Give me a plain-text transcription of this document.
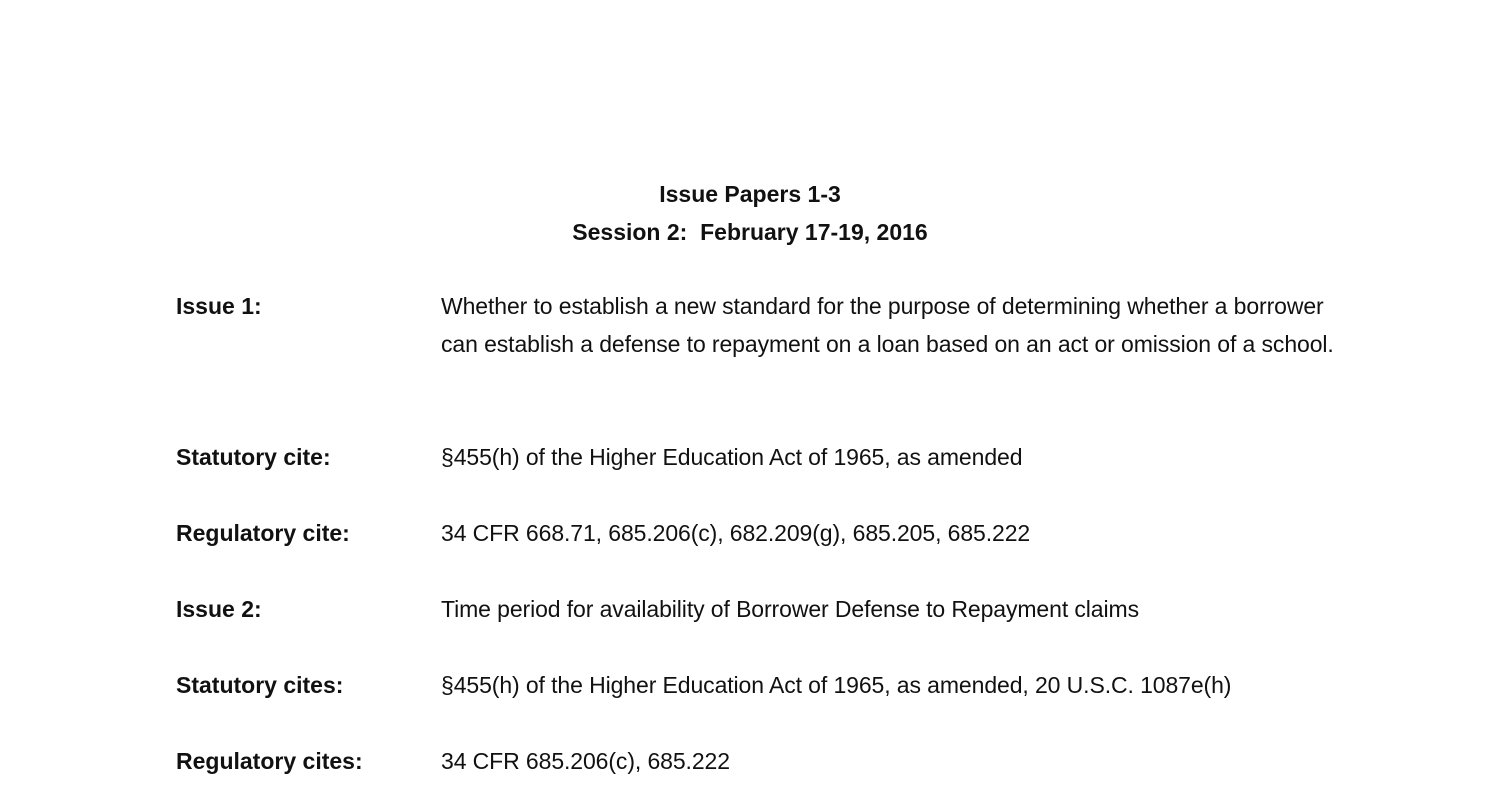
Issue Papers 1-3
Session 2:  February 17-19, 2016
Issue 1:	Whether to establish a new standard for the purpose of determining whether a borrower can establish a defense to repayment on a loan based on an act or omission of a school.
Statutory cite:	§455(h) of the Higher Education Act of 1965, as amended
Regulatory cite:	34 CFR 668.71, 685.206(c), 682.209(g), 685.205, 685.222
Issue 2:	Time period for availability of Borrower Defense to Repayment claims
Statutory cites:	§455(h) of the Higher Education Act of 1965, as amended, 20 U.S.C. 1087e(h)
Regulatory cites:	34 CFR 685.206(c), 685.222
